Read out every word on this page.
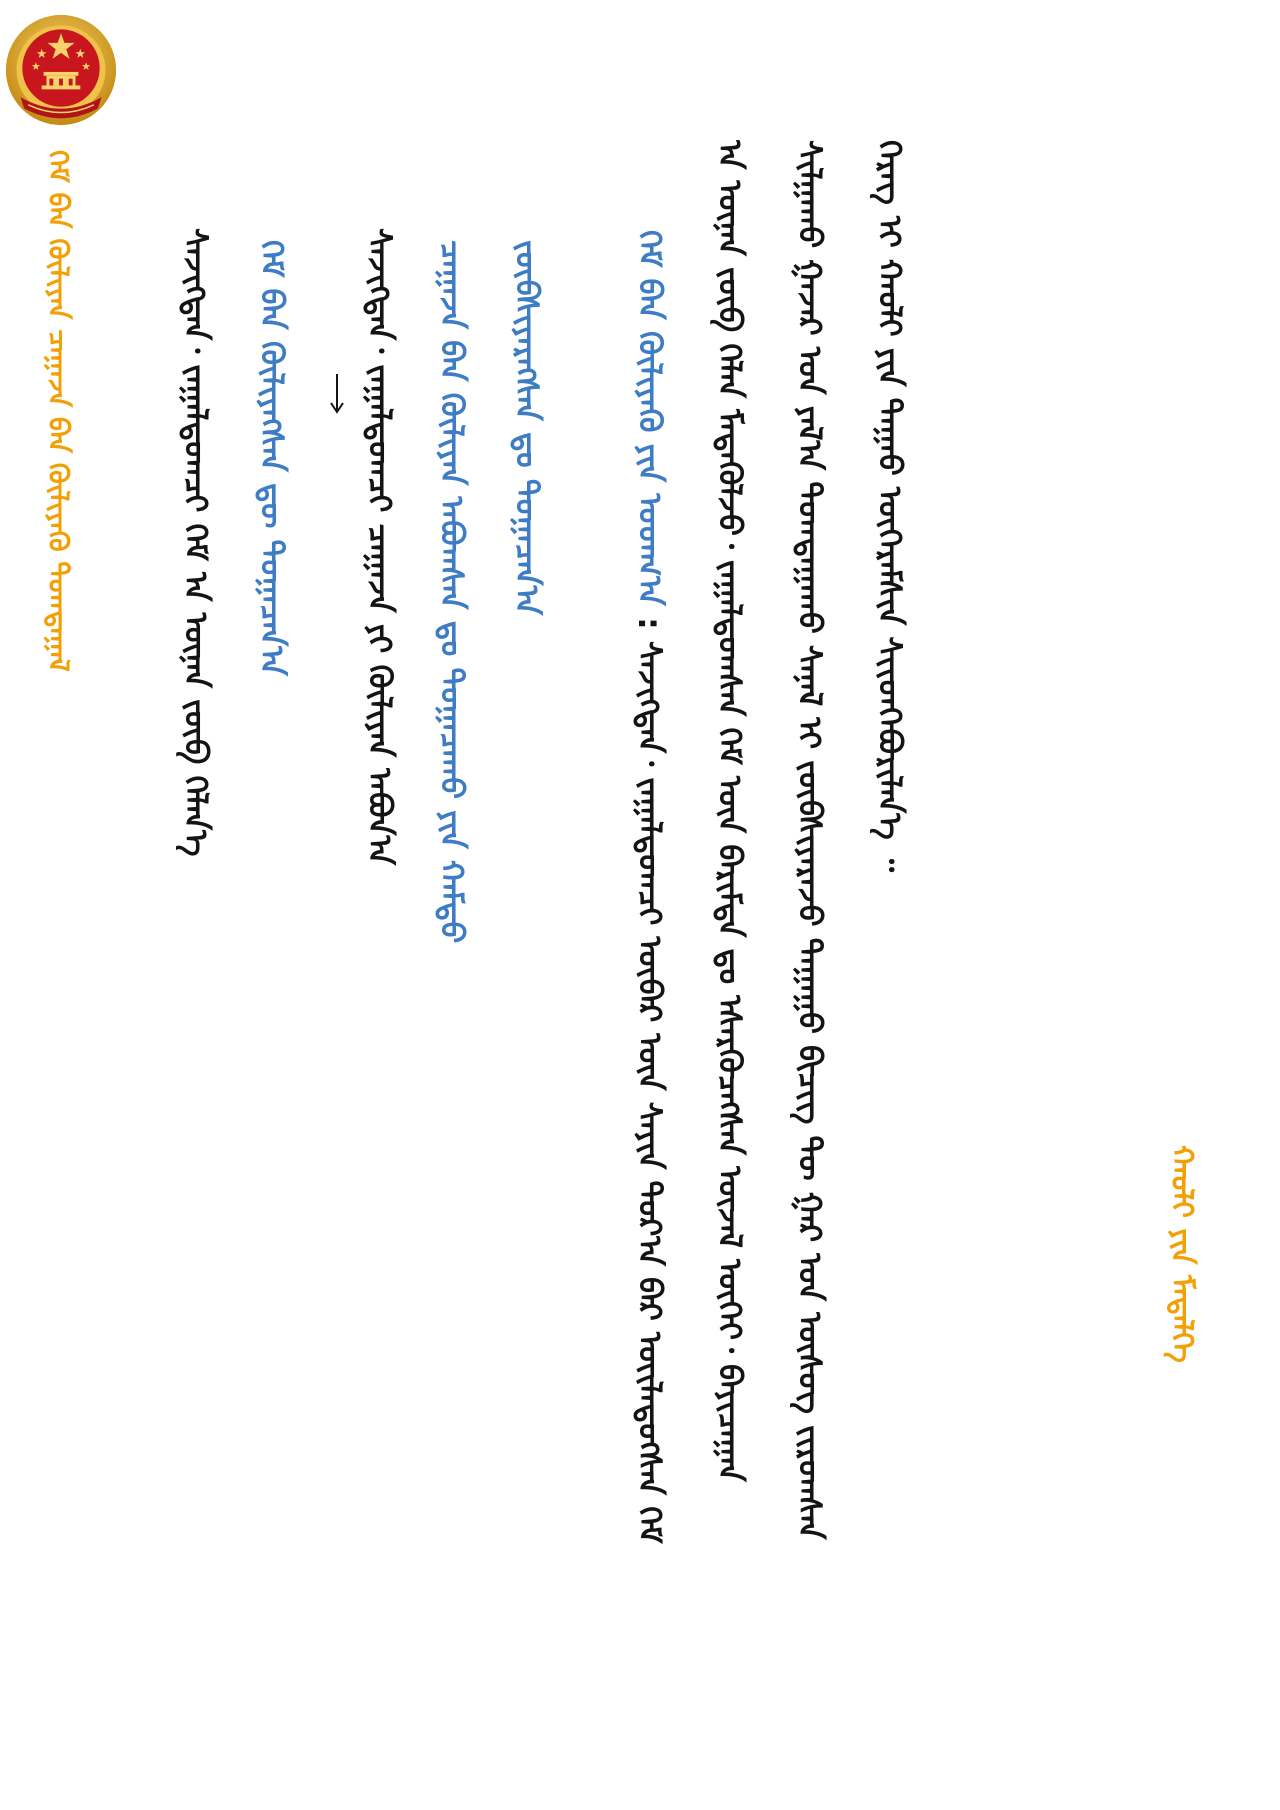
ᠭᠡᠮ ᠪᠡᠨ ᠬᠦᠯᠢᠶᠡᠨ ᠴᠠᠭᠠᠵᠠ ᠪᠡᠨ ᠬᠦᠯᠢᠶᠡᠬᠦ ᠲᠣᠭᠳᠠᠭᠠᠯ	ᠰᠡᠵᠢᠭᠲᠡᠨ᠂ ᠵᠠᠭᠠᠯᠳᠤᠭᠴᠢ ᠭᠡᠮ ᠡᠨ ᠦᠨᠡᠨ ᠵᠥᠪ ᠬᠡᠯᠡᠨ᠎ᠡ ᠭᠡᠮ ᠪᠡᠨ ᠬᠦᠯᠢᠶᠡᠭᠰᠡᠨ ᠳᠦ ᠲᠣᠭᠠᠴᠠᠨ᠎ᠠ ᠰᠡᠵᠢᠭᠲᠡᠨ᠂ ᠵᠠᠭᠠᠯᠳᠤᠭᠴᠢ ᠴᠠᠭᠠᠵᠠ ᠶᠢ ᠬᠦᠯᠢᠶᠡᠨ ᠠᠪᠤᠨ᠎ᠠ	ᠴᠠᠭᠠᠵᠠ ᠪᠡᠨ ᠬᠦᠯᠢᠶᠡᠨ ᠠᠪᠤᠭᠰᠠᠨ ᠳᠤ ᠲᠣᠭᠠᠴᠠᠬᠤ ᠶᠢᠨ ᠬᠠᠮᠲᠤ ᠵᠥᠪᠰᠢᠶᠡᠷᠡᠭᠰᠡᠨ ᠳᠤ ᠲᠣᠭᠠᠴᠠᠨ᠎ᠠ	ᠭᠡᠮ ᠪᠡᠨ ᠬᠦᠯᠢᠶᠡᠬᠦ ᠶᠢᠨ ᠤᠳᠬ᠎ᠠ : ᠰᠡᠵᠢᠭᠲᠡᠨ᠂ ᠵᠠᠭᠠᠯᠳᠤᠭᠴᠢ ᠦᠪᠡᠷ ᠦᠨ ᠰᠠᠶᠢᠨ ᠳᠤᠷ᠎ᠠ ᠪᠠᠷ ᠦᠢᠯᠡᠳᠦᠭᠰᠡᠨ ᠭᠡᠮ ᠡᠨ ᠦᠨᠡᠨ ᠵᠥᠪ ᠬᠡᠯᠡᠨ ᠮᠡᠳᠡᠭᠦᠯᠵᠦ᠂ ᠵᠠᠭᠠᠯᠳᠤᠭᠰᠠᠨ ᠭᠡᠮ ᠦᠨ ᠪᠠᠷᠢᠮᠲᠠ ᠳᠤ ᠡᠰᠡᠷᠭᠦᠴᠡᠭᠰᠡᠨ ᠦᠵᠡᠯ ᠦᠭᠡᠢ᠂ ᠪᠠᠶᠢᠴᠠᠭᠠᠨ ᠰᠢᠯᠭᠠᠬᠤ ᠭᠠᠵᠠᠷ ᠤᠨ ᠶᠠᠯ᠎ᠠ ᠲᠣᠭᠲᠠᠭᠠᠬᠤ ᠰᠠᠨᠠᠯ ᠢ ᠵᠥᠪᠰᠢᠶᠡᠷᠡᠵᠦ ᠳᠠᠭᠠᠭᠤ ᠪᠢᠴᠢᠭ ᠲᠦ ᠭᠠᠷ ᠤᠨ ᠦᠰᠦᠭ ᠵᠢᠷᠤᠭᠰᠠᠨ ᠬᠡᠷᠡᠭ ᠢ ᠬᠠᠤᠯᠢ ᠶᠢᠨ ᠳᠠᠭᠠᠤ ᠥᠭᠡᠷᠡᠮᠰᠢᠨ ᠰᠢᠢᠳᠬᠡᠪᠦᠷᠢᠯᠡᠨ᠎ᠡ ᠃

ᠬᠠᠤᠯᠢ ᠶᠢᠨ ᠮᠡᠳᠡᠯᠭᠡ
